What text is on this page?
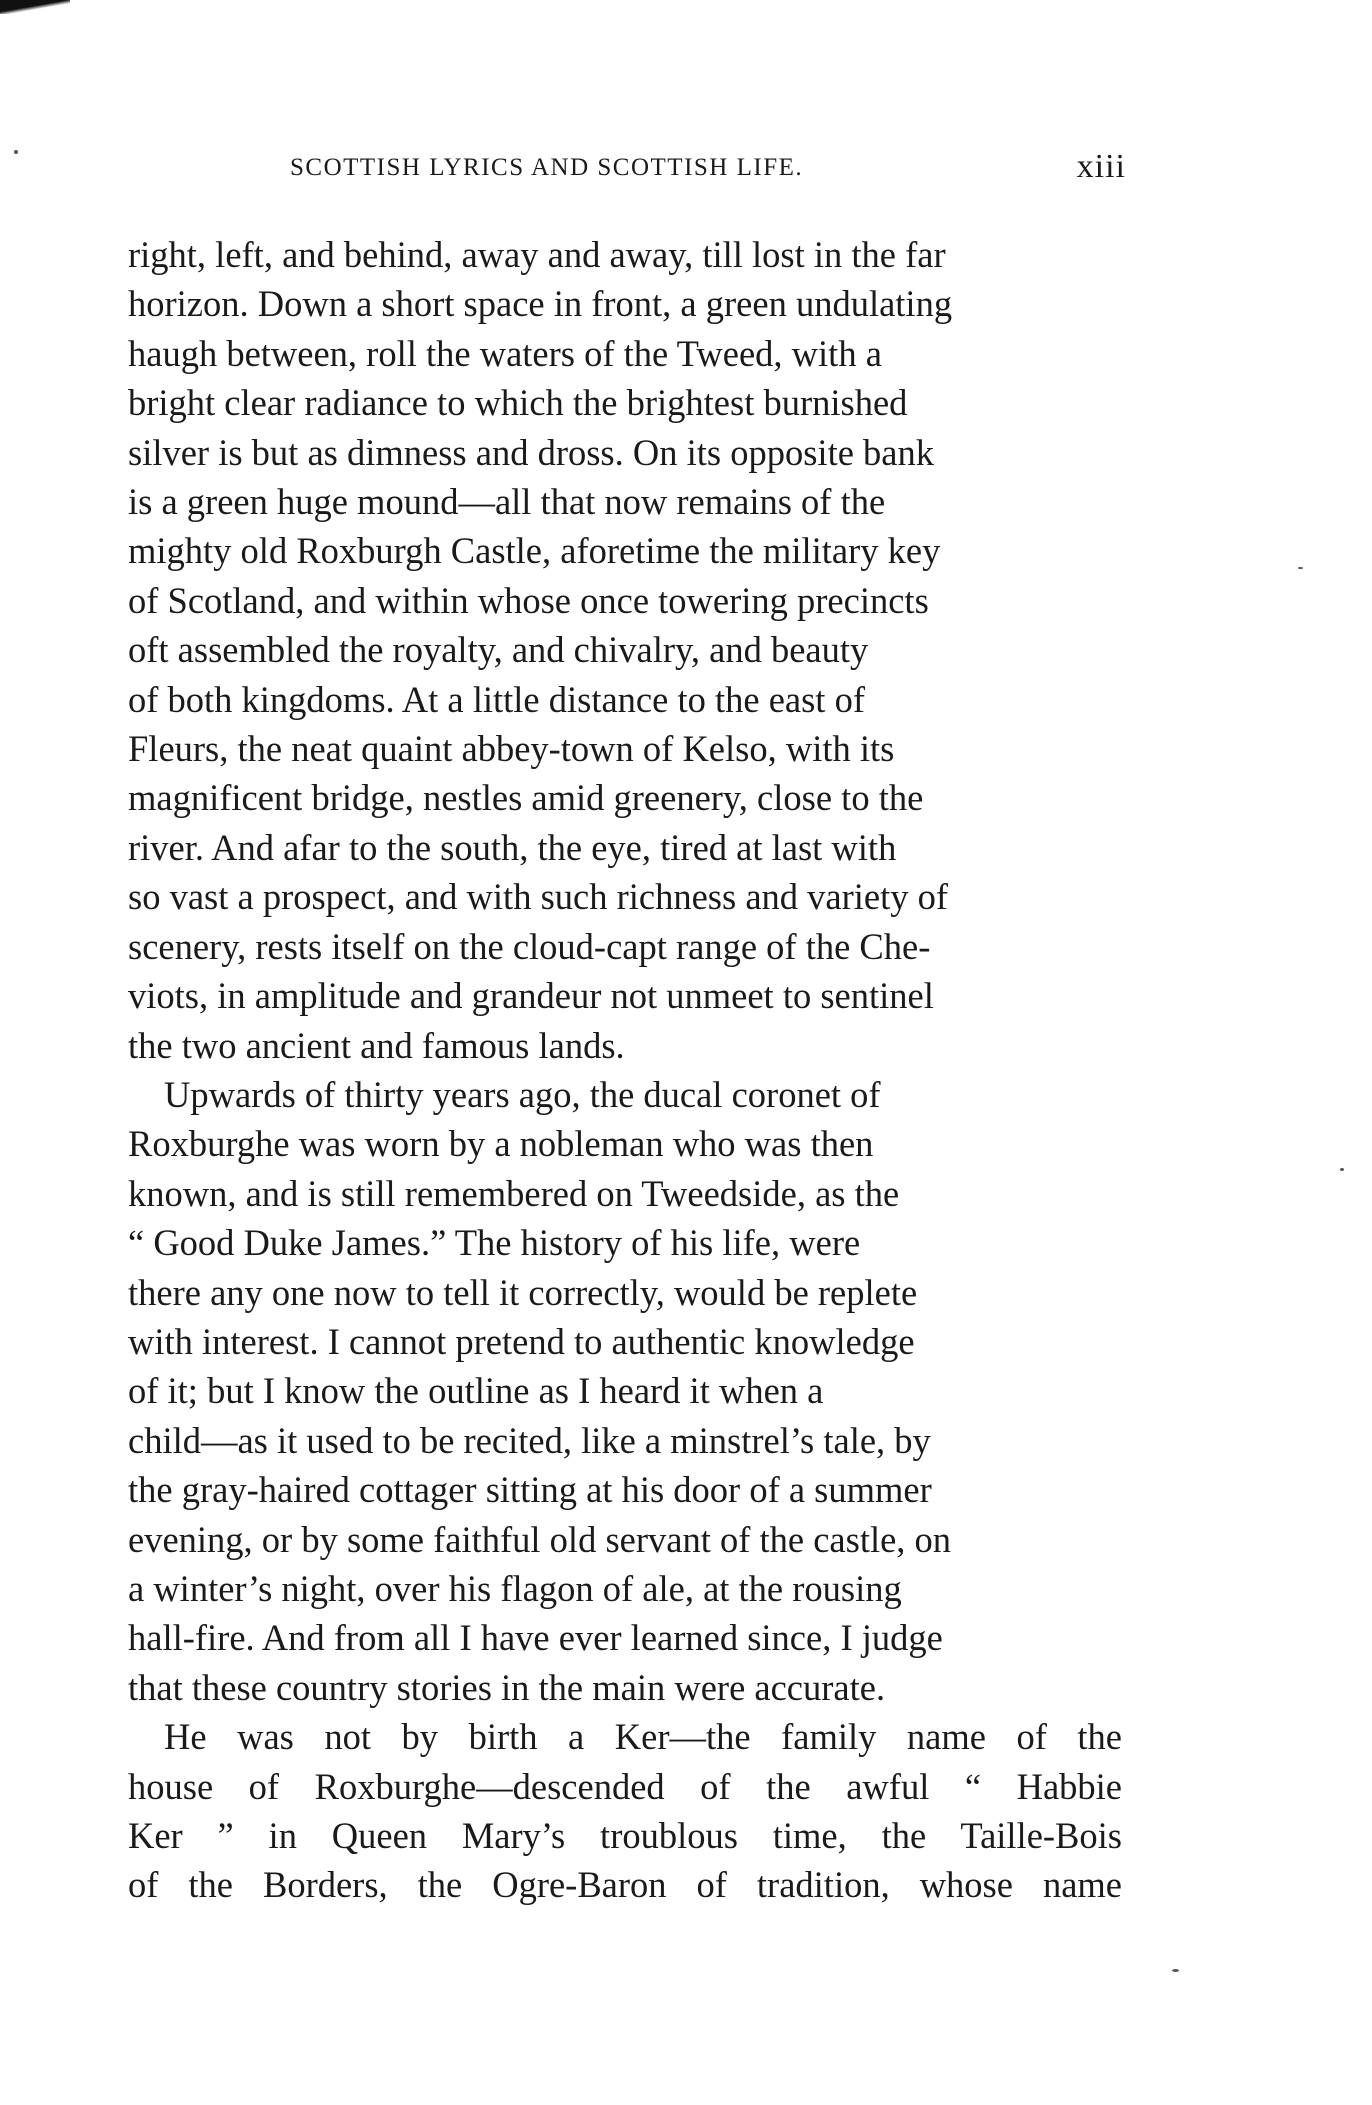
SCOTTISH LYRICS AND SCOTTISH LIFE.	xiii

right, left, and behind, away and away, till lost in the far
horizon. Down a short space in front, a green undulating
haugh between, roll the waters of the Tweed, with a
bright clear radiance to which the brightest burnished
silver is but as dimness and dross. On its opposite bank
is a green huge mound—all that now remains of the
mighty old Roxburgh Castle, aforetime the military key
of Scotland, and within whose once towering precincts
oft assembled the royalty, and chivalry, and beauty
of both kingdoms. At a little distance to the east of
Fleurs, the neat quaint abbey-town of Kelso, with its
magnificent bridge, nestles amid greenery, close to the
river. And afar to the south, the eye, tired at last with
so vast a prospect, and with such richness and variety of
scenery, rests itself on the cloud-capt range of the Che-
viots, in amplitude and grandeur not unmeet to sentinel
the two ancient and famous lands.

Upwards of thirty years ago, the ducal coronet of
Roxburghe was worn by a nobleman who was then
known, and is still remembered on Tweedside, as the
“ Good Duke James.” The history of his life, were
there any one now to tell it correctly, would be replete
with interest. I cannot pretend to authentic knowledge
of it; but I know the outline as I heard it when a
child—as it used to be recited, like a minstrel’s tale, by
the gray-haired cottager sitting at his door of a summer
evening, or by some faithful old servant of the castle, on
a winter’s night, over his flagon of ale, at the rousing
hall-fire. And from all I have ever learned since, I judge
that these country stories in the main were accurate.

He was not by birth a Ker—the family name of the
house of Roxburghe—descended of the awful “ Habbie
Ker ” in Queen Mary’s troublous time, the Taille-Bois
of the Borders, the Ogre-Baron of tradition, whose name
